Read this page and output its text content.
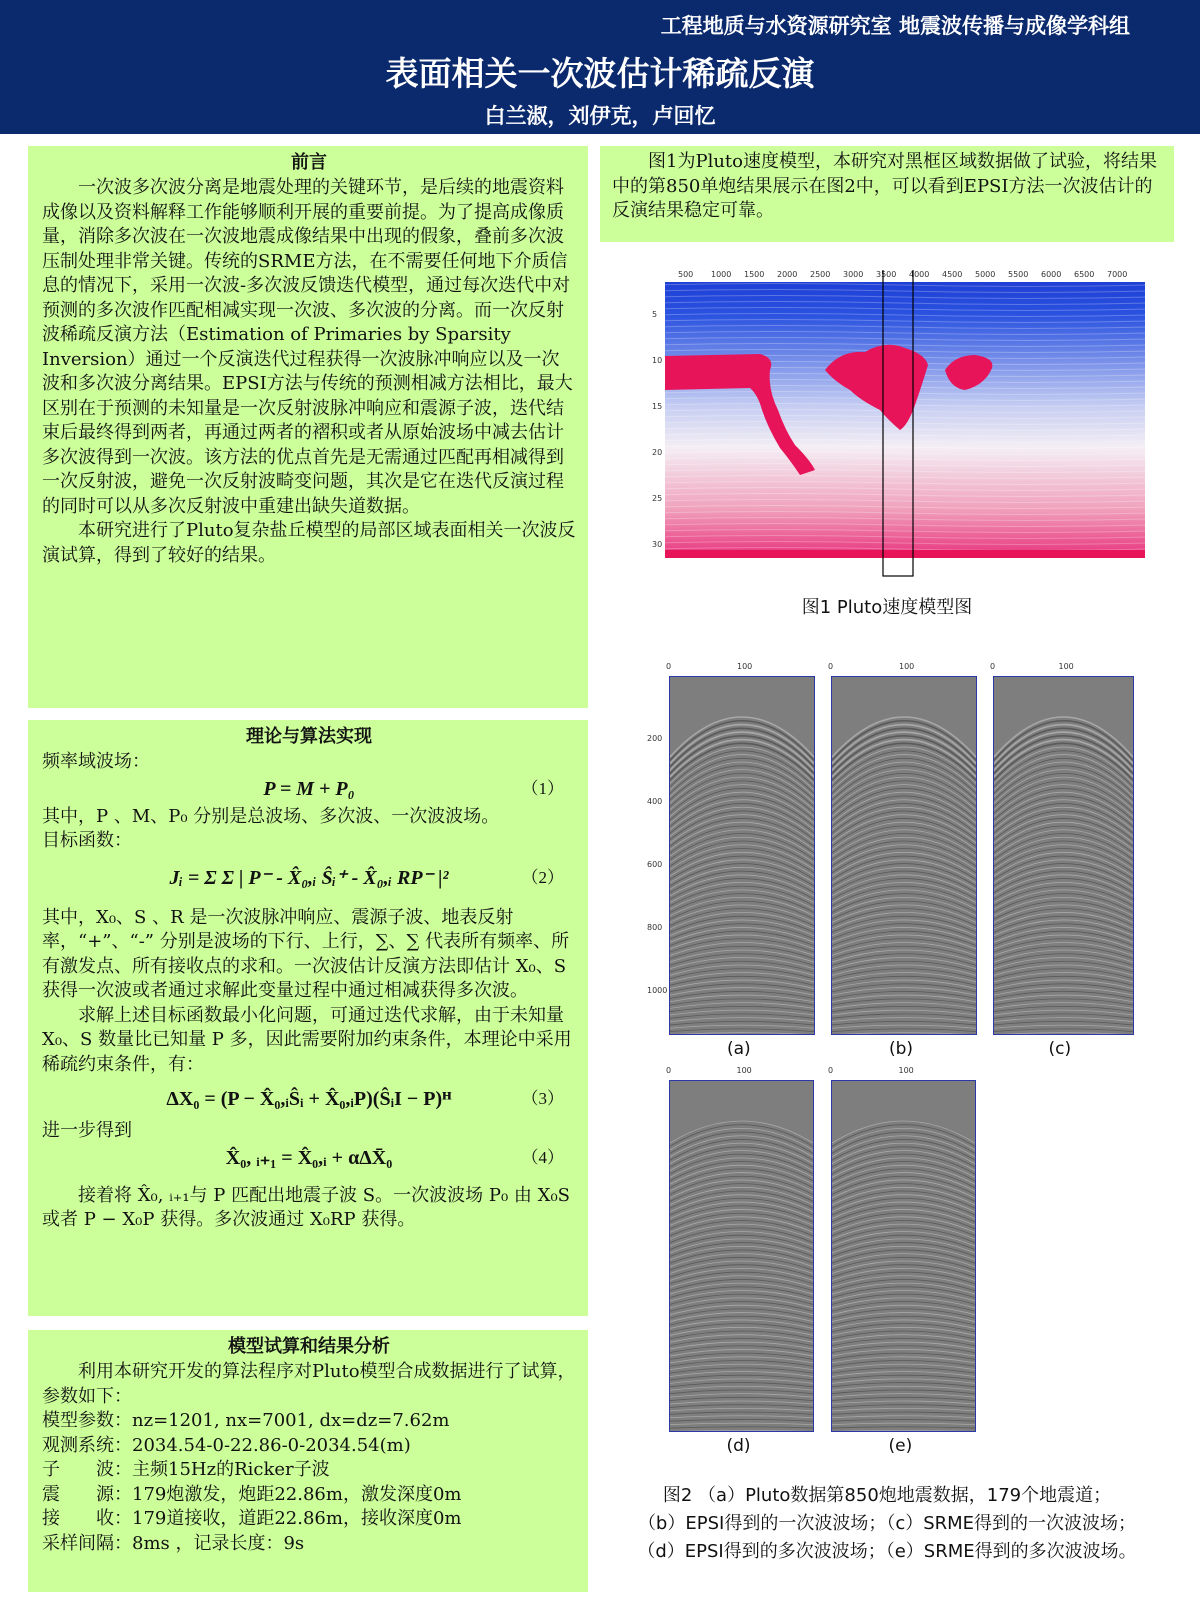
工程地质与水资源研究室 地震波传播与成像学科组
表面相关一次波估计稀疏反演
白兰淑，刘伊克，卢回忆
前言

一次波多次波分离是地震处理的关键环节，是后续的地震资料成像以及资料解释工作能够顺利开展的重要前提。为了提高成像质量，消除多次波在一次波地震成像结果中出现的假象，叠前多次波压制处理非常关键。传统的SRME方法，在不需要任何地下介质信息的情况下，采用一次波-多次波反馈迭代模型，通过每次迭代中对预测的多次波作匹配相减实现一次波、多次波的分离。而一次反射波稀疏反演方法（Estimation of Primaries by Sparsity Inversion）通过一个反演迭代过程获得一次波脉冲响应以及一次波和多次波分离结果。EPSI方法与传统的预测相减方法相比，最大区别在于预测的未知量是一次反射波脉冲响应和震源子波，迭代结束后最终得到两者，再通过两者的褶积或者从原始波场中减去估计多次波得到一次波。该方法的优点首先是无需通过匹配再相减得到一次反射波，避免一次反射波畸变问题，其次是它在迭代反演过程的同时可以从多次反射波中重建出缺失道数据。

本研究进行了Pluto复杂盐丘模型的局部区域表面相关一次波反演试算，得到了较好的结果。

理论与算法实现

频率域波场：

P = M + P₀	（1）

其中，P 、M、P₀ 分别是总波场、多次波、一次波波场。

目标函数：

Jᵢ = Σ Σ | P⁻ - X̂₀,ᵢ Ŝᵢ⁺ - X̂₀,ᵢ RP⁻ |²	（2）

其中，X₀、S 、R 是一次波脉冲响应、震源子波、地表反射率，“+”、“-” 分别是波场的下行、上行，∑、∑ 代表所有频率、所有激发点、所有接收点的求和。一次波估计反演方法即估计 X₀、S 获得一次波或者通过求解此变量过程中通过相减获得多次波。

求解上述目标函数最小化问题，可通过迭代求解，由于未知量 X₀、S 数量比已知量 P 多，因此需要附加约束条件，本理论中采用稀疏约束条件，有：

ΔX₀ = (P − X̂₀,ᵢŜᵢ + X̂₀,ᵢP)(ŜᵢI − P)ᴴ	（3）

进一步得到

X̂₀, ᵢ₊₁ = X̂₀,ᵢ + αΔX̄₀	（4）

接着将 X̂₀, ᵢ₊₁与 P 匹配出地震子波 S。一次波波场 P₀ 由 X₀S 或者 P − X₀P 获得。多次波通过 X₀RP 获得。

模型试算和结果分析

利用本研究开发的算法程序对Pluto模型合成数据进行了试算，参数如下：

模型参数：nz=1201, nx=7001, dx=dz=7.62m

观测系统：2034.54-0-22.86-0-2034.54(m)

子　　波：主频15Hz的Ricker子波

震　　源：179炮激发，炮距22.86m，激发深度0m

接　　收：179道接收，道距22.86m，接收深度0m

采样间隔：8ms ，记录长度：9s

图1为Pluto速度模型，本研究对黑框区域数据做了试验，将结果中的第850单炮结果展示在图2中，可以看到EPSI方法一次波估计的反演结果稳定可靠。

500 1000 1500 2000 2500 3000 3500 4000 4500 5000 5500 6000 6500 7000
5
10
15
20
25
30
图1 Pluto速度模型图
0	100
(a)
200
400
600
800
1000
0	100
(b)
0	100
(c)
0	100
(d)
0	100
(e)
图2 （a）Pluto数据第850炮地震数据，179个地震道；
（b）EPSI得到的一次波波场；（c）SRME得到的一次波波场；
（d）EPSI得到的多次波波场；（e）SRME得到的多次波波场。
